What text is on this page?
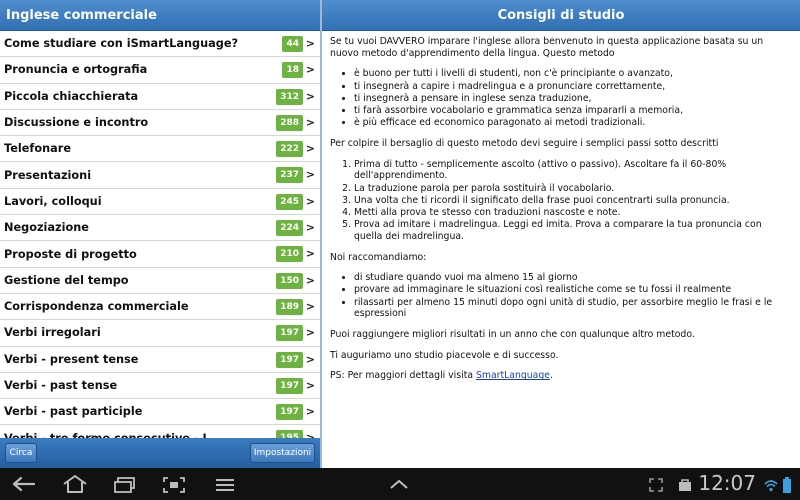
Inglese commerciale
Come studiare con iSmartLanguage?	44 >
Pronuncia e ortografia	18 >
Piccola chiacchierata	312 >
Discussione e incontro	288 >
Telefonare	222 >
Presentazioni	237 >
Lavori, colloqui	245 >
Negoziazione	224 >
Proposte di progetto	210 >
Gestione del tempo	150 >
Corrispondenza commerciale	189 >
Verbi irregolari	197 >
Verbi - present tense	197 >
Verbi - past tense	197 >
Verbi - past participle	197 >
Circa	Impostazioni
Consigli di studio

Se tu vuoi DAVVERO imparare l'inglese allora benvenuto in questa applicazione basata su un nuovo metodo d'apprendimento della lingua. Questo metodo

• è buono per tutti i livelli di studenti, non c'è principiante o avanzato,
• ti insegnerà a capire i madrelingua e a pronunciare correttamente,
• ti insegnerà a pensare in inglese senza traduzione,
• ti farà assorbire vocabolario e grammatica senza impararli a memoria,
• è più efficace ed economico paragonato ai metodi tradizionali.

Per colpire il bersaglio di questo metodo devi seguire i semplici passi sotto descritti

1. Prima di tutto - semplicemente ascolto (attivo o passivo). Ascoltare fa il 60-80% dell'apprendimento.
2. La traduzione parola per parola sostituirà il vocabolario.
3. Una volta che ti ricordi il significato della frase puoi concentrarti sulla pronuncia.
4. Metti alla prova te stesso con traduzioni nascoste e note.
5. Prova ad imitare i madrelingua. Leggi ed imita. Prova a comparare la tua pronuncia con quella dei madrelingua.

Noi raccomandiamo:

• di studiare quando vuoi ma almeno 15 al giorno
• provare ad immaginare le situazioni così realistiche come se tu fossi il realmente
• rilassarti per almeno 15 minuti dopo ogni unità di studio, per assorbire meglio le frasi e le espressioni

Puoi raggiungere migliori risultati in un anno che con qualunque altro metodo.

Ti auguriamo uno studio piacevole e di successo.

PS: Per maggiori dettagli visita SmartLanguage.

12:07
